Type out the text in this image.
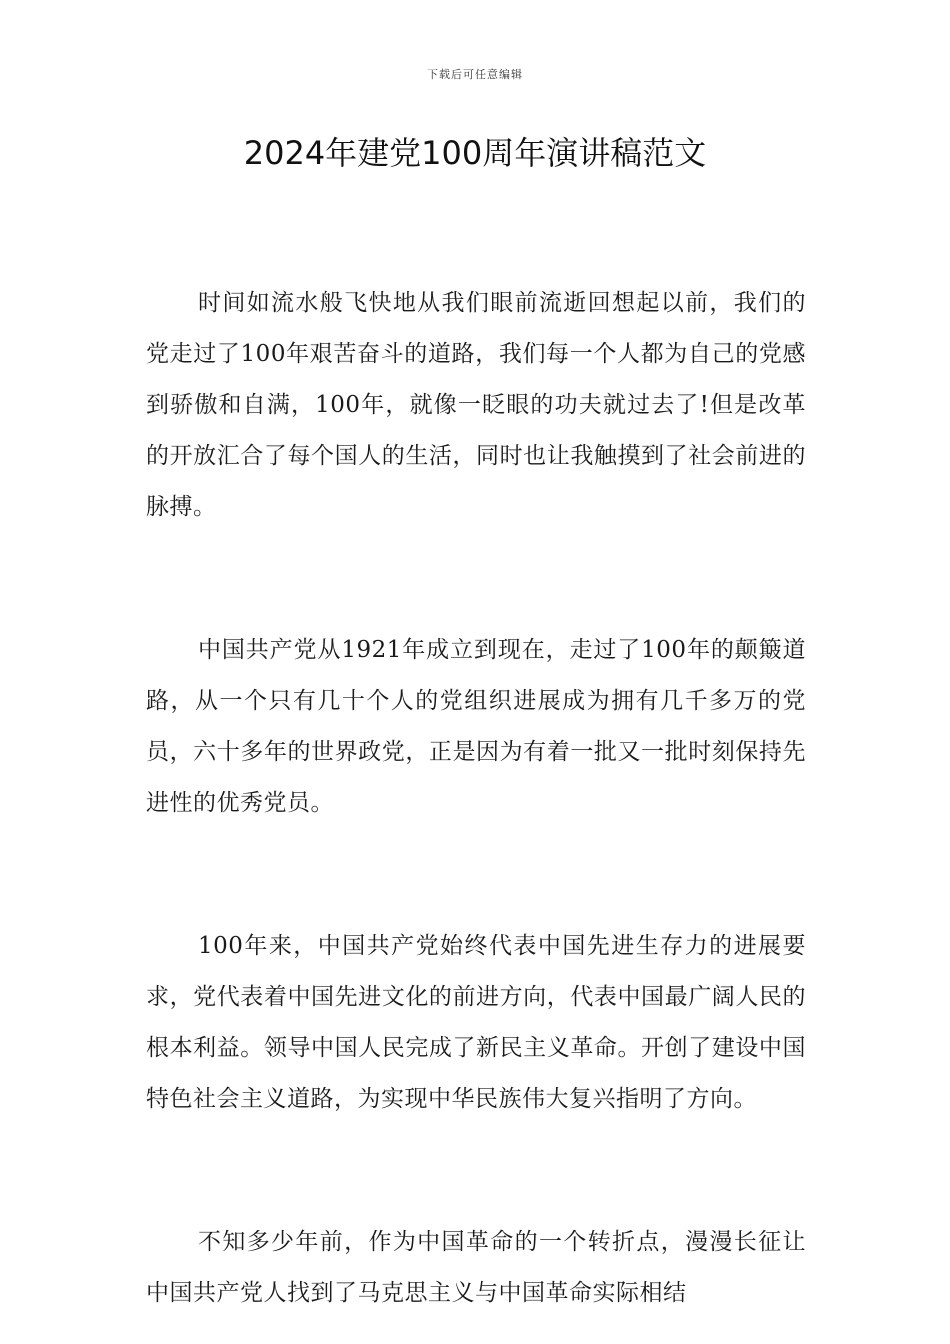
下载后可任意编辑
2024年建党100周年演讲稿范文

时间如流水般飞快地从我们眼前流逝回想起以前，我们的党走过了100年艰苦奋斗的道路，我们每一个人都为自己的党感到骄傲和自满，100年，就像一眨眼的功夫就过去了!但是改革的开放汇合了每个国人的生活，同时也让我触摸到了社会前进的脉搏。

中国共产党从1921年成立到现在，走过了100年的颠簸道路，从一个只有几十个人的党组织进展成为拥有几千多万的党员，六十多年的世界政党，正是因为有着一批又一批时刻保持先进性的优秀党员。

100年来，中国共产党始终代表中国先进生存力的进展要求，党代表着中国先进文化的前进方向，代表中国最广阔人民的根本利益。领导中国人民完成了新民主义革命。开创了建设中国特色社会主义道路，为实现中华民族伟大复兴指明了方向。

不知多少年前，作为中国革命的一个转折点，漫漫长征让中国共产党人找到了马克思主义与中国革命实际相结
